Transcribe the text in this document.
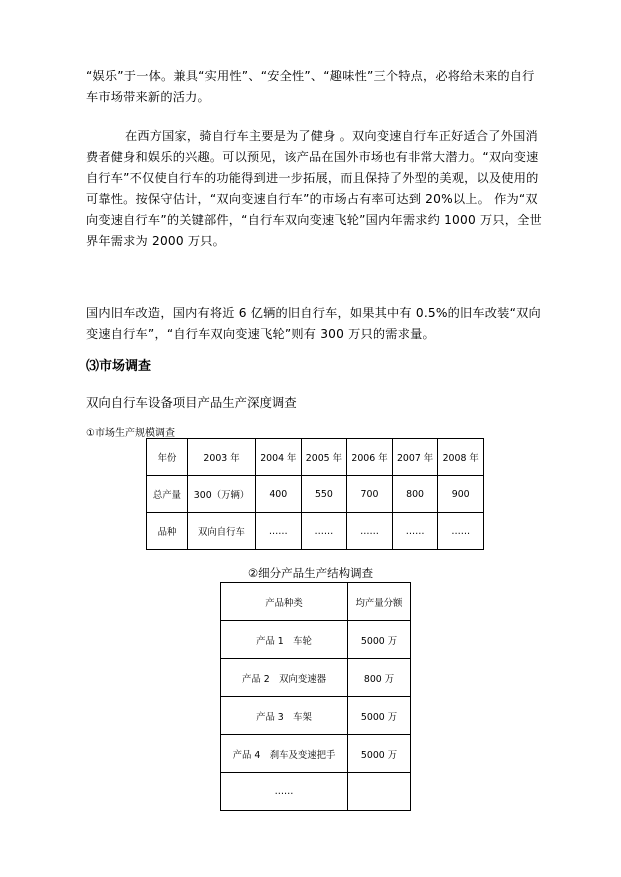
“娱乐”于一体。兼具“实用性”、“安全性”、“趣味性”三个特点，必将给未来的自行车市场带来新的活力。

在西方国家，骑自行车主要是为了健身 。双向变速自行车正好适合了外国消费者健身和娱乐的兴趣。可以预见，该产品在国外市场也有非常大潜力。“双向变速自行车”不仅使自行车的功能得到进一步拓展，而且保持了外型的美观，以及使用的可靠性。按保守估计，“双向变速自行车”的市场占有率可达到 20%以上。 作为“双向变速自行车”的关键部件，“自行车双向变速飞轮”国内年需求约 1000 万只，全世界年需求为 2000 万只。

国内旧车改造，国内有将近 6 亿辆的旧自行车，如果其中有 0.5%的旧车改装“双向变速自行车”，“自行车双向变速飞轮”则有 300 万只的需求量。

⑶市场调查

双向自行车设备项目产品生产深度调查

①市场生产规模调查

年份	2003 年	2004 年	2005 年	2006 年	2007 年	2008 年
总产量	300（万辆）	400	550	700	800	900
品种	双向自行车	……	……	……	……	……

②细分产品生产结构调查

产品种类	均产量分额
产品 1　车轮	5000 万
产品 2　双向变速器	800 万
产品 3　车架	5000 万
产品 4　刹车及变速把手	5000 万
……	
